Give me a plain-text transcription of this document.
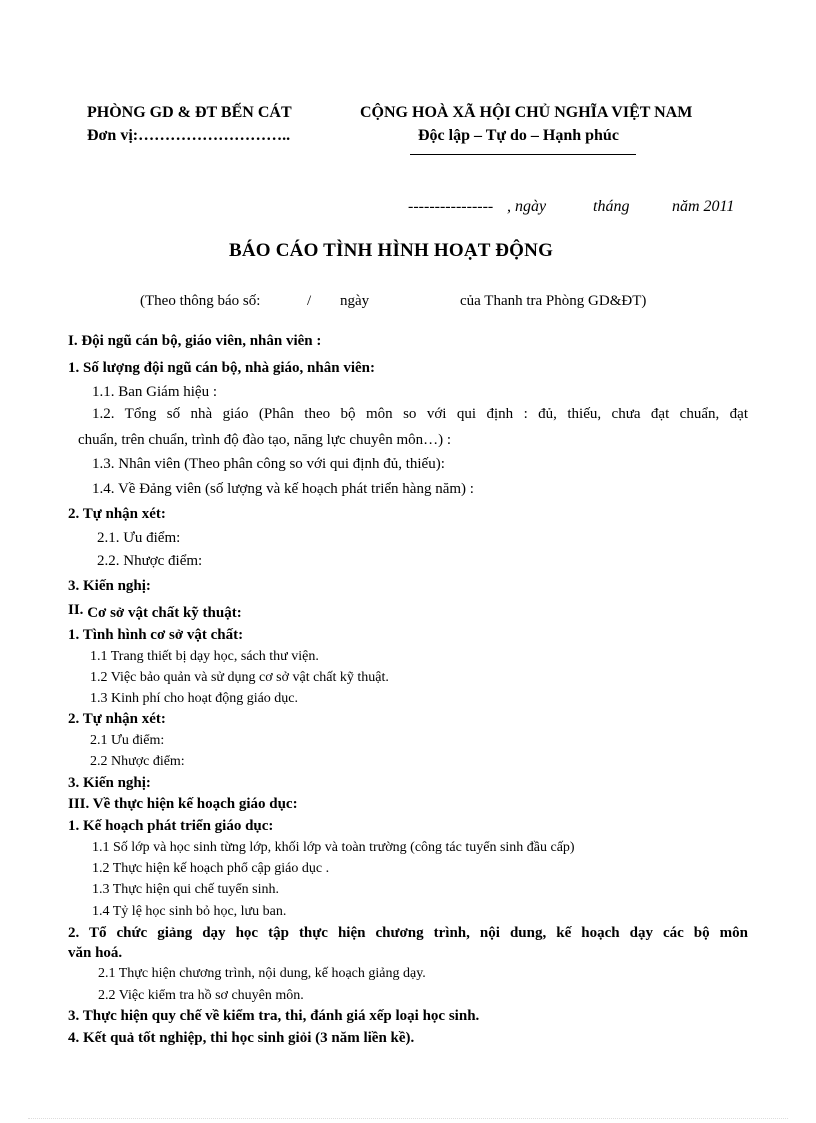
PHÒNG GD & ĐT BẾN CÁT
Đơn vị:………………………..
CỘNG HOÀ XÃ HỘI CHỦ NGHĨA VIỆT NAM
Độc lập – Tự do – Hạnh phúc
---------------- , ngày	tháng	năm 2011
BÁO CÁO TÌNH HÌNH HOẠT ĐỘNG
(Theo thông báo số:	/ ngày	của Thanh tra Phòng GD&ĐT)
I. Đội ngũ cán bộ, giáo viên, nhân viên :
1. Số lượng đội ngũ cán bộ, nhà giáo, nhân viên:
1.1. Ban Giám hiệu :
1.2. Tổng số nhà giáo (Phân theo bộ môn so với qui định : đủ, thiếu, chưa đạt chuẩn, đạt
chuẩn, trên chuẩn, trình độ đào tạo, năng lực chuyên môn…) :
1.3. Nhân viên (Theo phân công so với qui định đủ, thiếu):
1.4. Về Đảng viên (số lượng và kế hoạch phát triển hàng năm) :
2. Tự nhận xét:
2.1. Ưu điểm:
2.2. Nhược điểm:
3. Kiến nghị:
II. Cơ sở vật chất kỹ thuật:
1. Tình hình cơ sở vật chất:
1.1 Trang thiết bị dạy học, sách thư viện.
1.2 Việc bảo quản và sử dụng cơ sở vật chất kỹ thuật.
1.3 Kinh phí cho hoạt động giáo dục.
2. Tự nhận xét:
2.1 Ưu điểm:
2.2 Nhược điểm:
3. Kiến nghị:
III. Về thực hiện kế hoạch giáo dục:
1. Kế hoạch phát triển giáo dục:
1.1 Số lớp và học sinh từng lớp, khối lớp và toàn trường (công tác tuyển sinh đầu cấp)
1.2 Thực hiện kế hoạch phổ cập giáo dục .
1.3 Thực hiện qui chế tuyển sinh.
1.4 Tỷ lệ học sinh bỏ học, lưu ban.
2. Tổ chức giảng dạy học tập thực hiện chương trình, nội dung, kế hoạch dạy các bộ môn
văn hoá.
2.1 Thực hiện chương trình, nội dung, kế hoạch giảng dạy.
2.2 Việc kiểm tra hồ sơ chuyên môn.
3. Thực hiện quy chế về kiểm tra, thi, đánh giá xếp loại học sinh.
4. Kết quả tốt nghiệp, thi học sinh giỏi (3 năm liền kề).
